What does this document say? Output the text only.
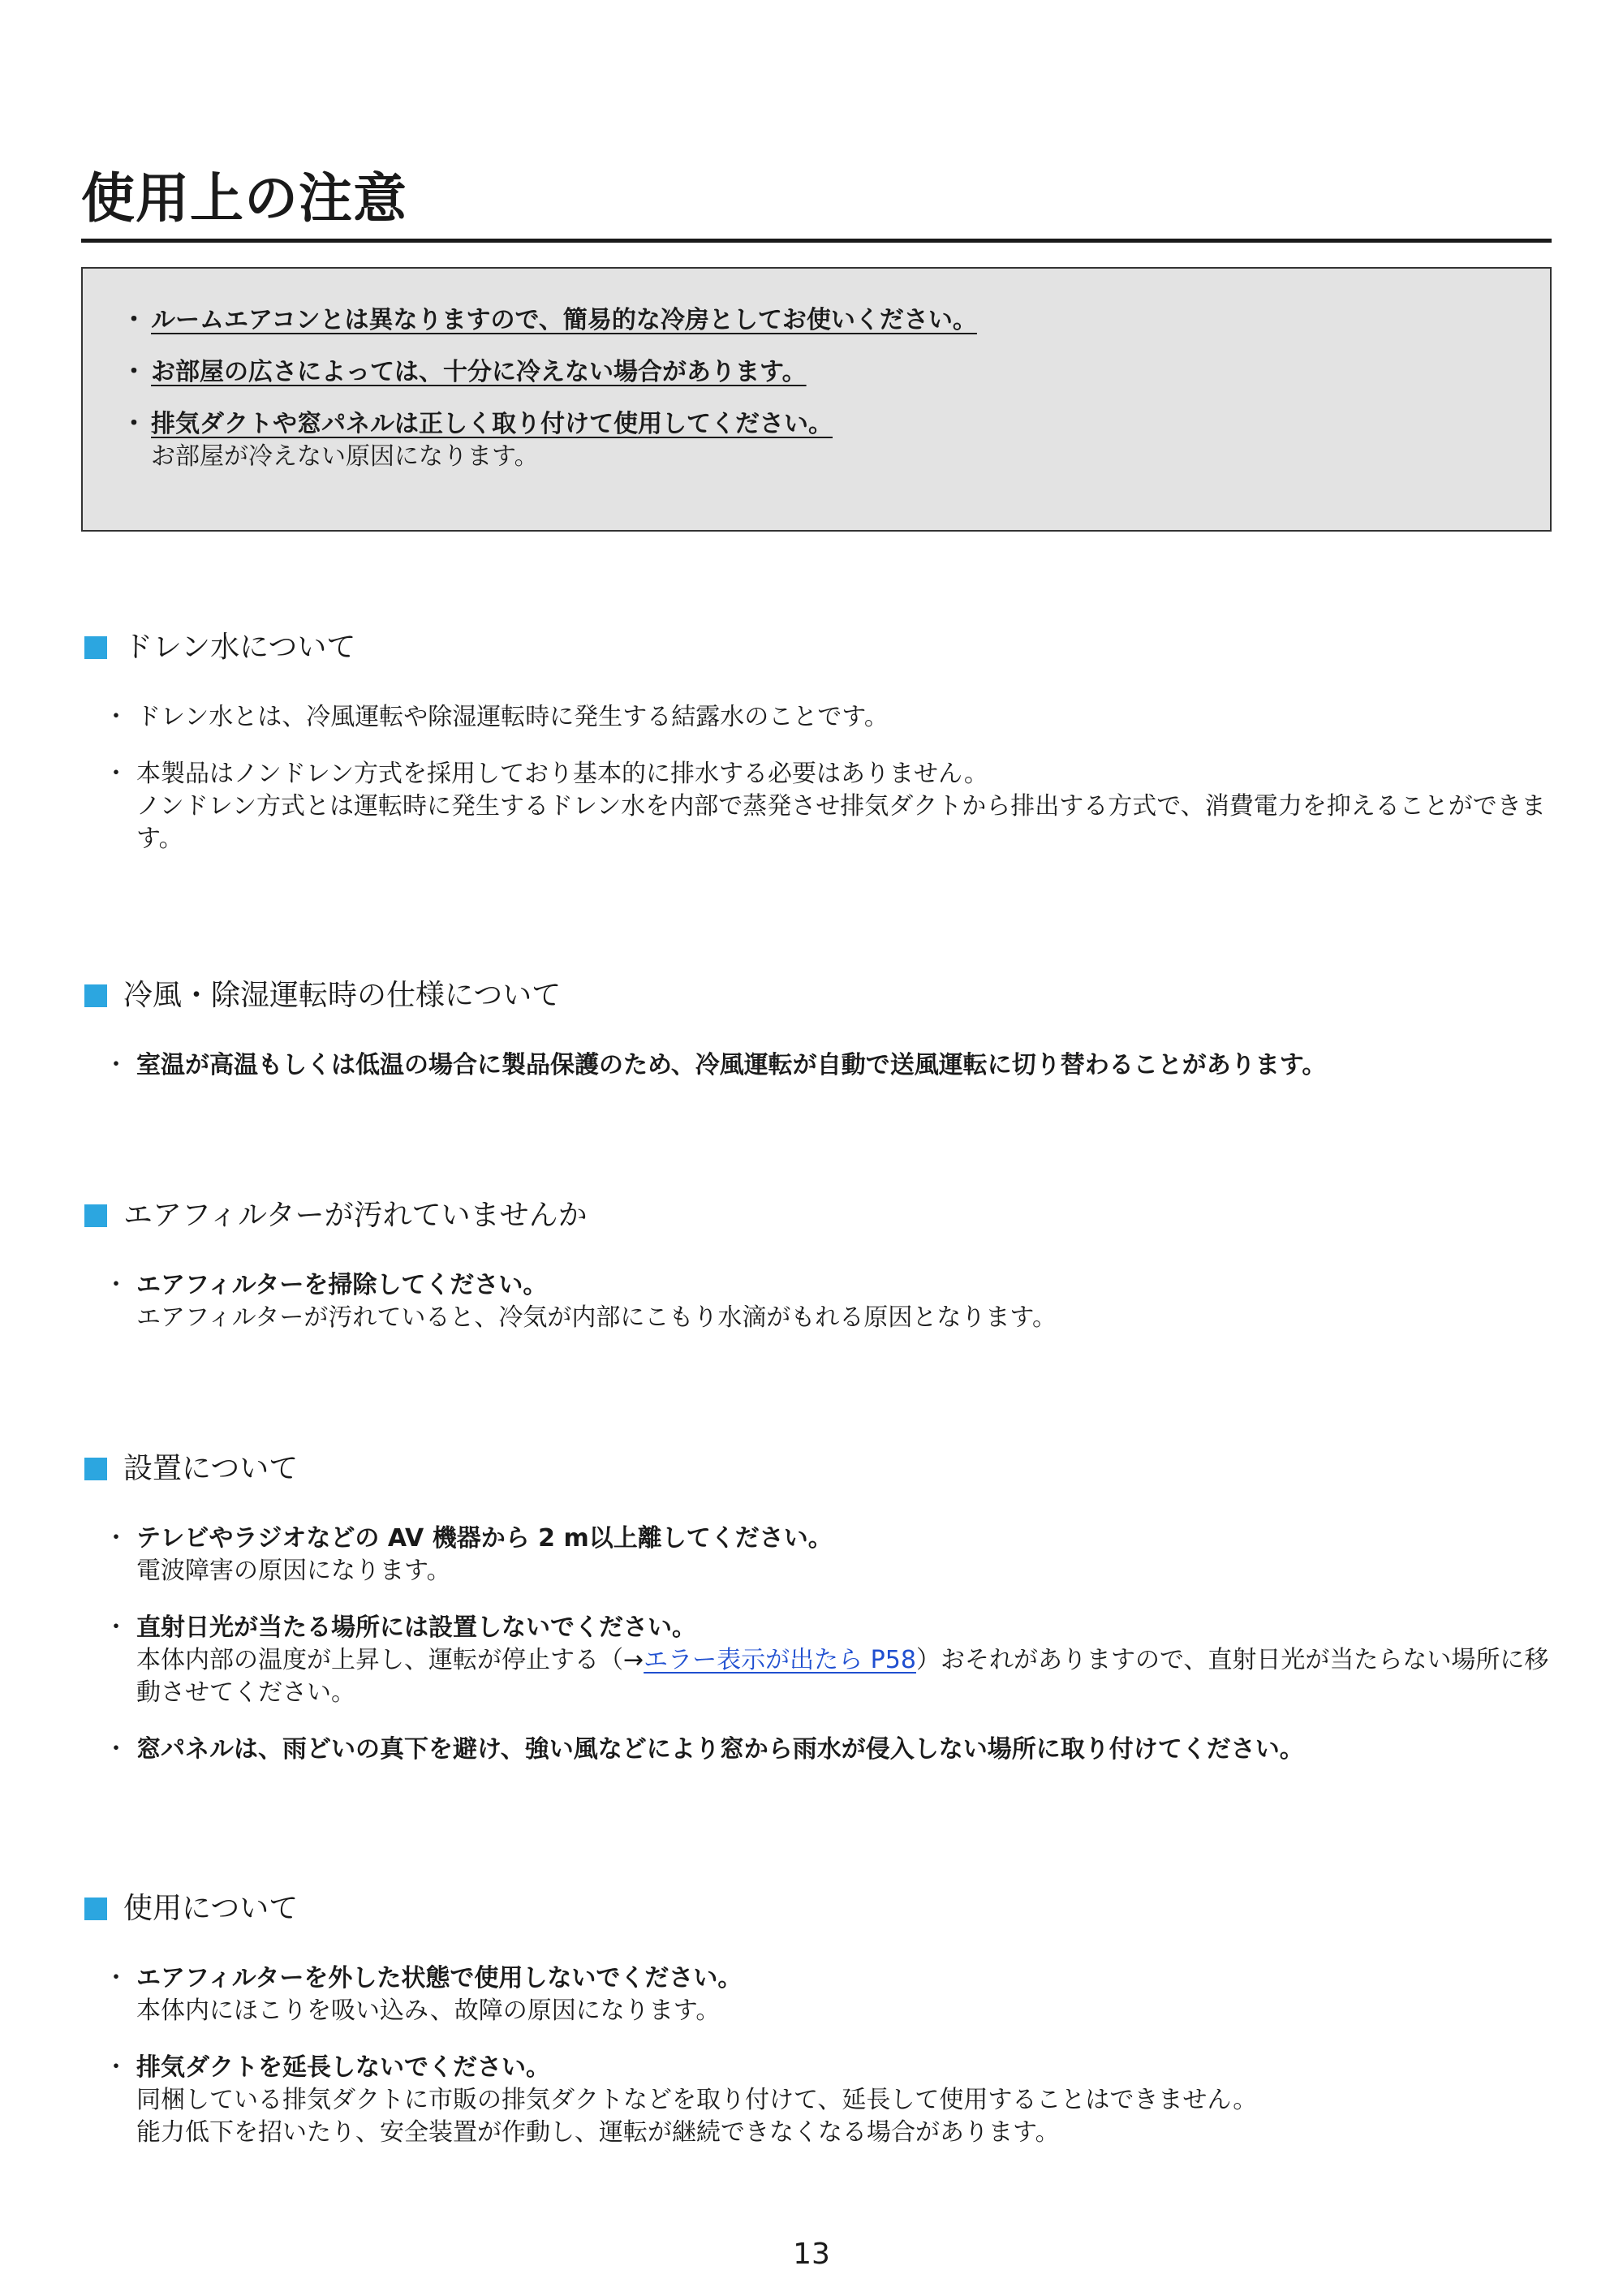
使用上の注意
・ ルームエアコンとは異なりますので、簡易的な冷房としてお使いください。
・ お部屋の広さによっては、十分に冷えない場合があります。
・ 排気ダクトや窓パネルは正しく取り付けて使用してください。
お部屋が冷えない原因になります。
ドレン水について
・ ドレン水とは、冷風運転や除湿運転時に発生する結露水のことです。
・ 本製品はノンドレン方式を採用しており基本的に排水する必要はありません。
ノンドレン方式とは運転時に発生するドレン水を内部で蒸発させ排気ダクトから排出する方式で、消費電力を抑えることができます。
冷風・除湿運転時の仕様について
・ 室温が高温もしくは低温の場合に製品保護のため、冷風運転が自動で送風運転に切り替わることがあります。
エアフィルターが汚れていませんか
・ エアフィルターを掃除してください。
エアフィルターが汚れていると、冷気が内部にこもり水滴がもれる原因となります。
設置について
・ テレビやラジオなどの AV 機器から 2 m以上離してください。
電波障害の原因になります。
・ 直射日光が当たる場所には設置しないでください。
本体内部の温度が上昇し、運転が停止する（→エラー表示が出たら P58）おそれがありますので、直射日光が当たらない場所に移動させてください。
・ 窓パネルは、雨どいの真下を避け、強い風などにより窓から雨水が侵入しない場所に取り付けてください。
使用について
・ エアフィルターを外した状態で使用しないでください。
本体内にほこりを吸い込み、故障の原因になります。
・ 排気ダクトを延長しないでください。
同梱している排気ダクトに市販の排気ダクトなどを取り付けて、延長して使用することはできません。
能力低下を招いたり、安全装置が作動し、運転が継続できなくなる場合があります。
13
